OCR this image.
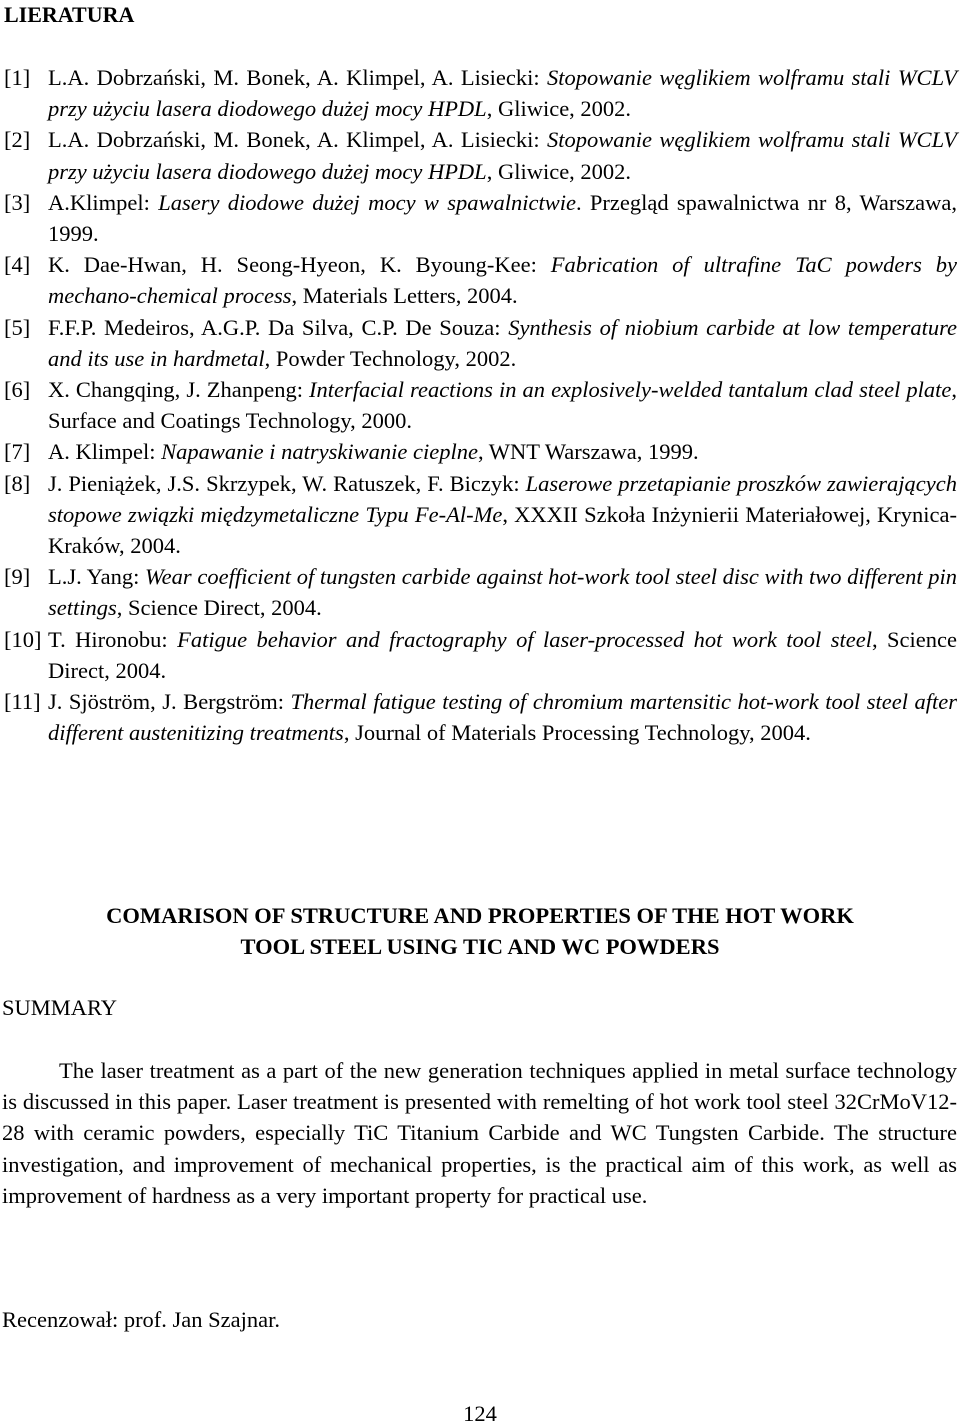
LIERATURA
[1] L.A. Dobrzański, M. Bonek, A. Klimpel, A. Lisiecki: Stopowanie węglikiem wolframu stali WCLV przy użyciu lasera diodowego dużej mocy HPDL, Gliwice, 2002.
[2] L.A. Dobrzański, M. Bonek, A. Klimpel, A. Lisiecki: Stopowanie węglikiem wolframu stali WCLV przy użyciu lasera diodowego dużej mocy HPDL, Gliwice, 2002.
[3] A.Klimpel: Lasery diodowe dużej mocy w spawalnictwie. Przegląd spawalnictwa nr 8, Warszawa, 1999.
[4] K. Dae-Hwan, H. Seong-Hyeon, K. Byoung-Kee: Fabrication of ultrafine TaC powders by mechano-chemical process, Materials Letters, 2004.
[5] F.F.P. Medeiros, A.G.P. Da Silva, C.P. De Souza: Synthesis of niobium carbide at low temperature and its use in hardmetal, Powder Technology, 2002.
[6] X. Changqing, J. Zhanpeng: Interfacial reactions in an explosively-welded tantalum clad steel plate, Surface and Coatings Technology, 2000.
[7] A. Klimpel: Napawanie i natryskiwanie cieplne, WNT Warszawa, 1999.
[8] J. Pieniążek, J.S. Skrzypek, W. Ratuszek, F. Biczyk: Laserowe przetapianie proszków zawierających stopowe związki międzymetaliczne Typu Fe-Al-Me, XXXII Szkoła Inżynierii Materiałowej, Krynica-Kraków, 2004.
[9] L.J. Yang: Wear coefficient of tungsten carbide against hot-work tool steel disc with two different pin settings, Science Direct, 2004.
[10] T. Hironobu: Fatigue behavior and fractography of laser-processed hot work tool steel, Science Direct, 2004.
[11] J. Sjöström, J. Bergström: Thermal fatigue testing of chromium martensitic hot-work tool steel after different austenitizing treatments, Journal of Materials Processing Technology, 2004.
COMARISON OF STRUCTURE AND PROPERTIES OF THE HOT WORK
TOOL STEEL USING TIC AND WC POWDERS
SUMMARY

The laser treatment as a part of the new generation techniques applied in metal surface technology is discussed in this paper. Laser treatment is presented with remelting of hot work tool steel 32CrMoV12-28 with ceramic powders, especially TiC Titanium Carbide and WC Tungsten Carbide. The structure investigation, and improvement of mechanical properties, is the practical aim of this work, as well as improvement of hardness as a very important property for practical use.

Recenzował: prof. Jan Szajnar.
124
